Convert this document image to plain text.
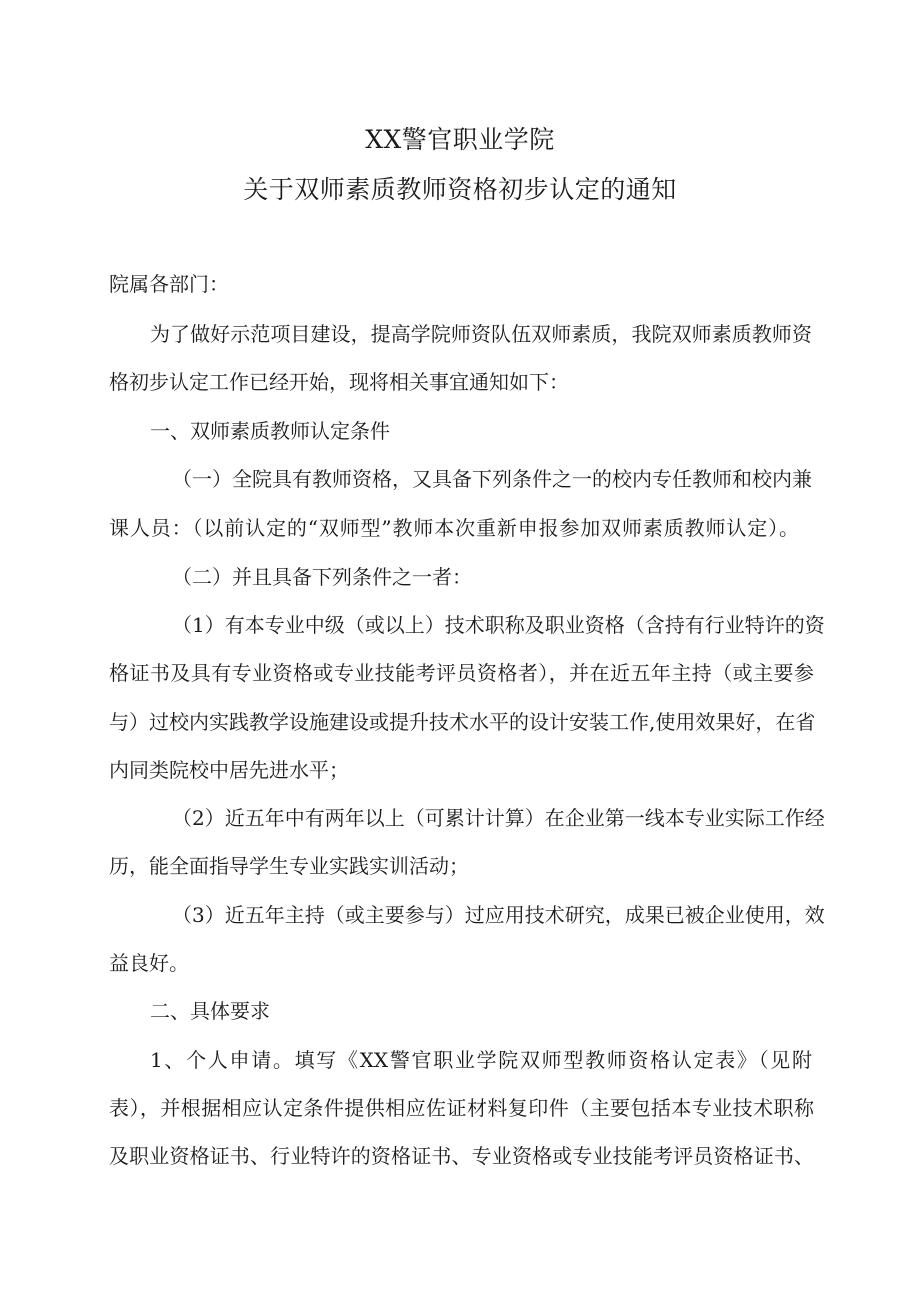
XX警官职业学院
关于双师素质教师资格初步认定的通知
院属各部门：
为了做好示范项目建设，提高学院师资队伍双师素质，我院双师素质教师资
格初步认定工作已经开始，现将相关事宜通知如下：
一、双师素质教师认定条件
（一）全院具有教师资格，又具备下列条件之一的校内专任教师和校内兼
课人员：（以前认定的“双师型”教师本次重新申报参加双师素质教师认定）。
（二）并且具备下列条件之一者：
（1）有本专业中级（或以上）技术职称及职业资格（含持有行业特许的资
格证书及具有专业资格或专业技能考评员资格者），并在近五年主持（或主要参
与）过校内实践教学设施建设或提升技术水平的设计安装工作,使用效果好，在省
内同类院校中居先进水平；
（2）近五年中有两年以上（可累计计算）在企业第一线本专业实际工作经
历，能全面指导学生专业实践实训活动；
（3）近五年主持（或主要参与）过应用技术研究，成果已被企业使用，效
益良好。
二、具体要求
1、个人申请。填写《XX警官职业学院双师型教师资格认定表》（见附
表），并根据相应认定条件提供相应佐证材料复印件（主要包括本专业技术职称
及职业资格证书、行业特许的资格证书、专业资格或专业技能考评员资格证书、
